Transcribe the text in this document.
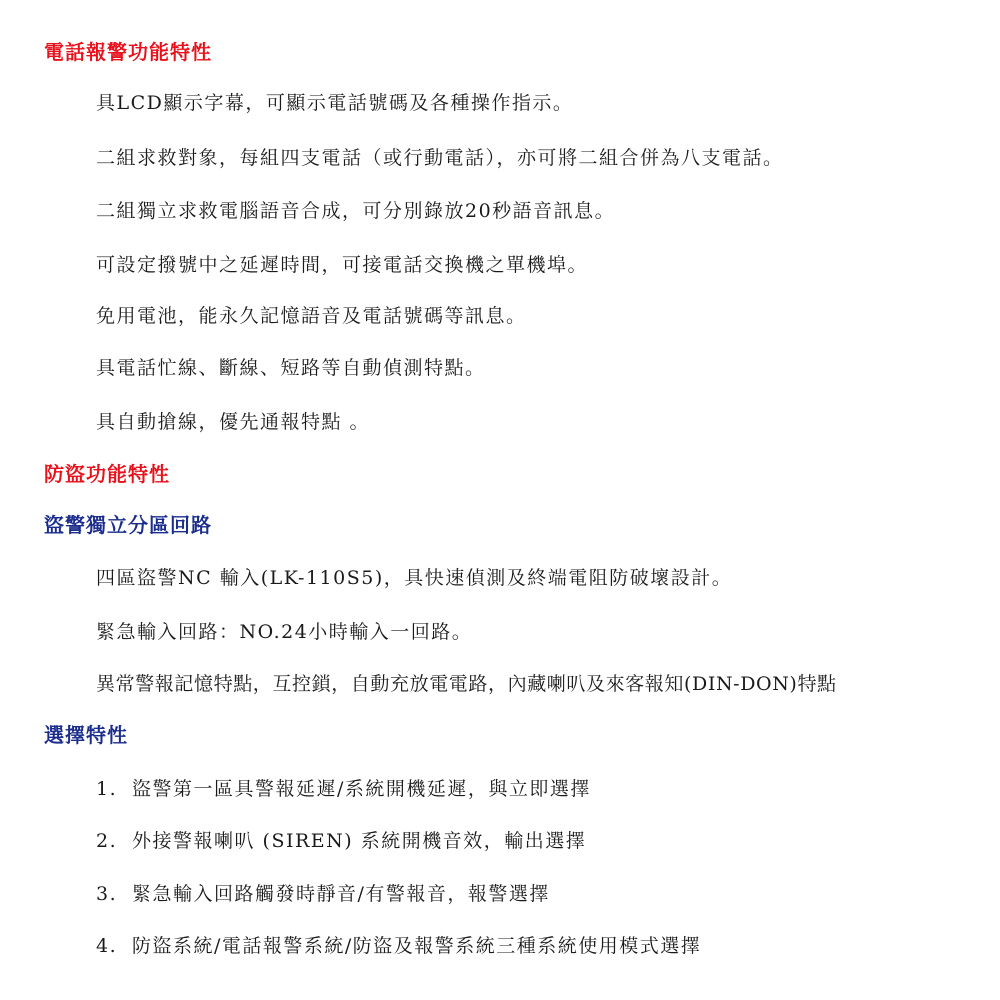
電話報警功能特性
具LCD顯示字幕，可顯示電話號碼及各種操作指示。
二組求救對象，每組四支電話（或行動電話），亦可將二組合併為八支電話。
二組獨立求救電腦語音合成，可分別錄放20秒語音訊息。
可設定撥號中之延遲時間，可接電話交換機之單機埠。
免用電池，能永久記憶語音及電話號碼等訊息。
具電話忙線、斷線、短路等自動偵測特點。
具自動搶線，優先通報特點 。
防盜功能特性
盜警獨立分區回路
四區盜警NC 輸入(LK-110S5)，具快速偵測及終端電阻防破壞設計。
緊急輸入回路：NO.24小時輸入一回路。
異常警報記憶特點，互控鎖，自動充放電電路，內藏喇叭及來客報知(DIN-DON)特點
選擇特性
1. 盜警第一區具警報延遲/系統開機延遲，與立即選擇
2. 外接警報喇叭 (SIREN) 系統開機音效，輸出選擇
3. 緊急輸入回路觸發時靜音/有警報音，報警選擇
4. 防盜系統/電話報警系統/防盜及報警系統三種系統使用模式選擇
